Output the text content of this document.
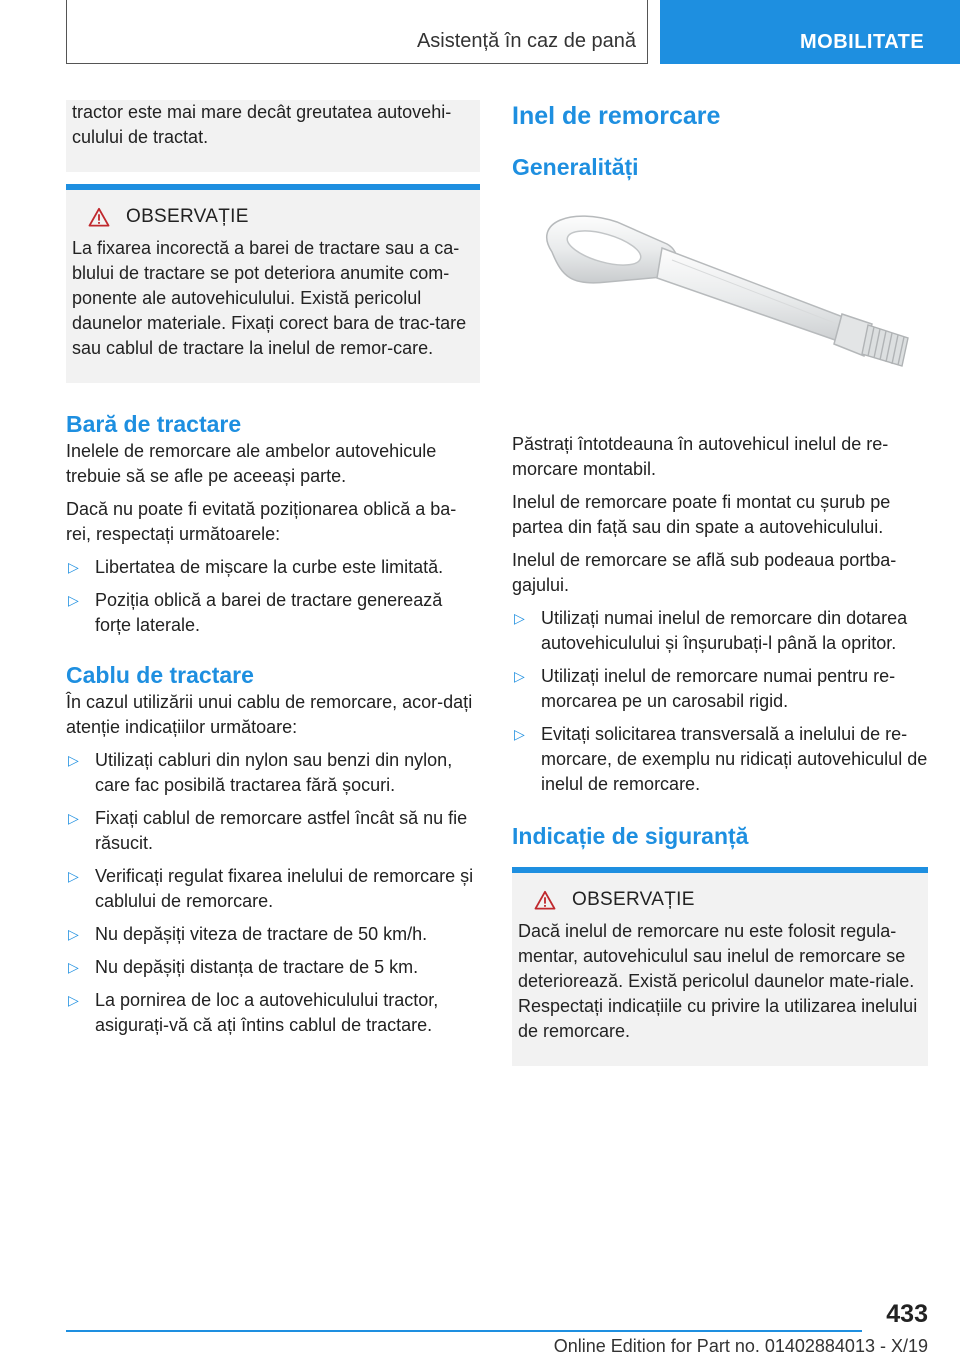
Asistență în caz de pană	MOBILITATE

tractor este mai mare decât greutatea autovehi-culului de tractat.

OBSERVAȚIE

La fixarea incorectă a barei de tractare sau a ca-blului de tractare se pot deteriora anumite com-ponente ale autovehiculului. Există pericolul daunelor materiale. Fixați corect bara de trac-tare sau cablul de tractare la inelul de remor-care.

Bară de tractare

Inelele de remorcare ale ambelor autovehicule trebuie să se afle pe aceeași parte.

Dacă nu poate fi evitată poziționarea oblică a ba-rei, respectați următoarele:

▷ Libertatea de mișcare la curbe este limitată.
▷ Poziția oblică a barei de tractare generează forțe laterale.
Cablu de tractare

În cazul utilizării unui cablu de remorcare, acor-dați atenție indicațiilor următoare:

▷ Utilizați cabluri din nylon sau benzi din nylon, care fac posibilă tractarea fără șocuri.
▷ Fixați cablul de remorcare astfel încât să nu fie răsucit.
▷ Verificați regulat fixarea inelului de remorcare și cablului de remorcare.
▷ Nu depășiți viteza de tractare de 50 km/h.
▷ Nu depășiți distanța de tractare de 5 km.
▷ La pornirea de loc a autovehiculului tractor, asigurați-vă că ați întins cablul de tractare.
Inel de remorcare
Generalități

Păstrați întotdeauna în autovehicul inelul de re-morcare montabil.

Inelul de remorcare poate fi montat cu șurub pe partea din față sau din spate a autovehiculului.

Inelul de remorcare se află sub podeaua portba-gajului.

▷ Utilizați numai inelul de remorcare din dotarea autovehiculului și înșurubați-l până la opritor.
▷ Utilizați inelul de remorcare numai pentru re-morcarea pe un carosabil rigid.
▷ Evitați solicitarea transversală a inelului de re-morcare, de exemplu nu ridicați autovehiculul de inelul de remorcare.
Indicație de siguranță
OBSERVAȚIE

Dacă inelul de remorcare nu este folosit regula-mentar, autovehiculul sau inelul de remorcare se deteriorează. Există pericolul daunelor mate-riale. Respectați indicațiile cu privire la utilizarea inelului de remorcare.

433
Online Edition for Part no. 01402884013 - X/19
